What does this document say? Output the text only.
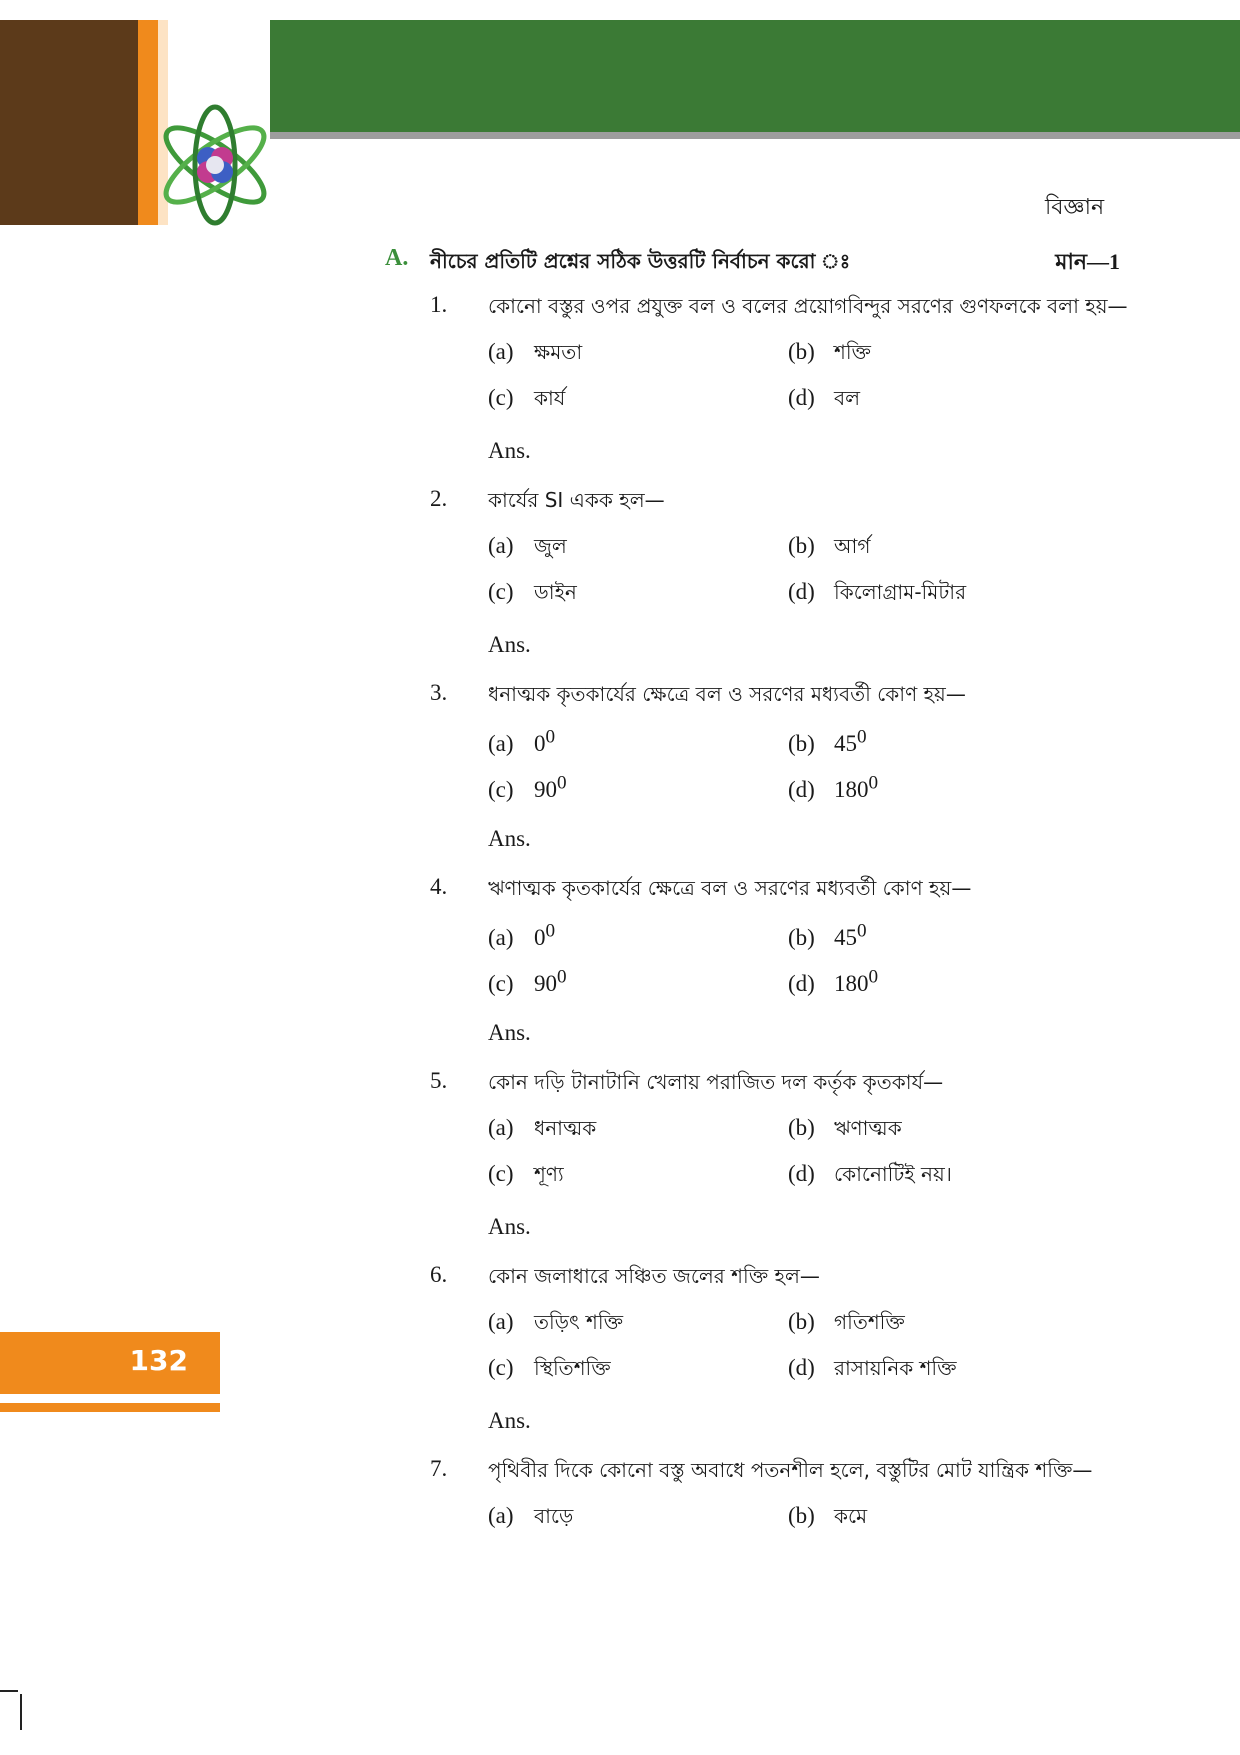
বিজ্ঞান
A. নীচের প্রতিটি প্রশ্নের সঠিক উত্তরটি নির্বাচন করো ঃ	মান—1
1. কোনো বস্তুর ওপর প্রযুক্ত বল ও বলের প্রয়োগবিন্দুর সরণের গুণফলকে বলা হয়—
(a) ক্ষমতা	(b) শক্তি
(c) কার্য	(d) বল
Ans.
2. কার্যের SI একক হল—
(a) জুল	(b) আর্গ
(c) ডাইন	(d) কিলোগ্রাম-মিটার
Ans.
3. ধনাত্মক কৃতকার্যের ক্ষেত্রে বল ও সরণের মধ্যবর্তী কোণ হয়—
(a) $0^0$	(b) $45^0$
(c) $90^0$	(d) $180^0$
Ans.
4. ঋণাত্মক কৃতকার্যের ক্ষেত্রে বল ও সরণের মধ্যবর্তী কোণ হয়—
(a) $0^0$	(b) $45^0$
(c) $90^0$	(d) $180^0$
Ans.
5. কোন দড়ি টানাটানি খেলায় পরাজিত দল কর্তৃক কৃতকার্য—
(a) ধনাত্মক	(b) ঋণাত্মক
(c) শূণ্য	(d) কোনোটিই নয়।
Ans.
6. কোন জলাধারে সঞ্চিত জলের শক্তি হল—
(a) তড়িৎ শক্তি	(b) গতিশক্তি
(c) স্থিতিশক্তি	(d) রাসায়নিক শক্তি
Ans.
7. পৃথিবীর দিকে কোনো বস্তু অবাধে পতনশীল হলে, বস্তুটির মোট যান্ত্রিক শক্তি—
(a) বাড়ে	(b) কমে
132
